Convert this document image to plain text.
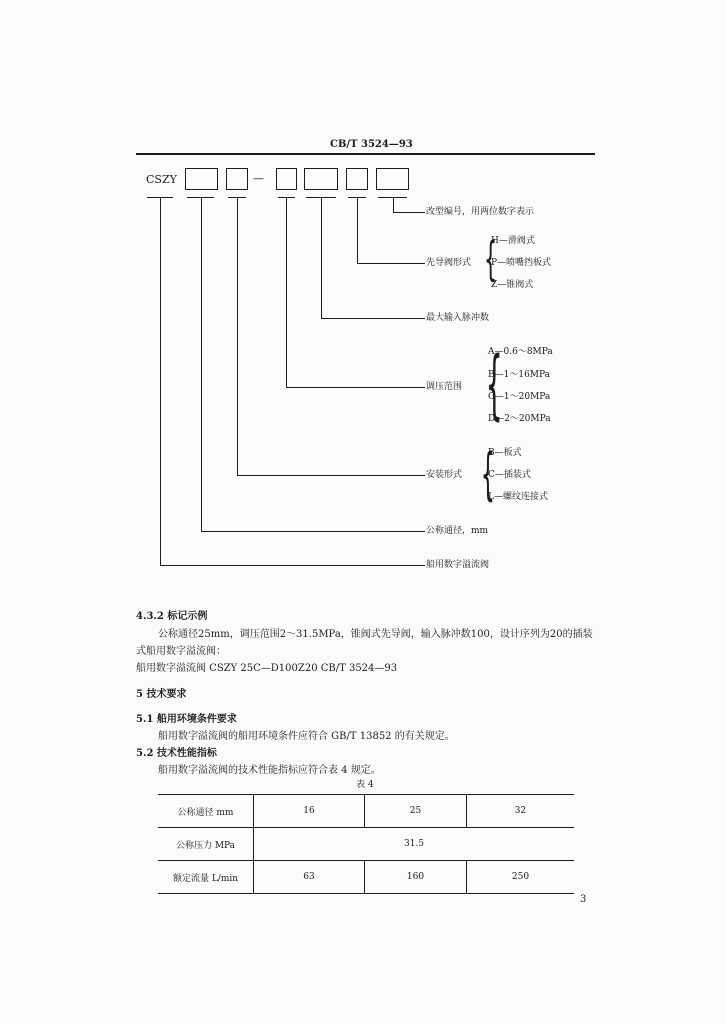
CB/T 3524—93
CSZY	—
改型编号，用两位数字表示
先导阀形式 {
H—滑阀式
P—喷嘴挡板式
Z—锥阀式
最大输入脉冲数
调压范围 {
A—0.6～8MPa
B—1～16MPa
C—1～20MPa
D—2～20MPa
安装形式 {
B—板式
C—插装式
L—螺纹连接式
公称通径，mm
船用数字溢流阀
4.3.2 标记示例
公称通径25mm，调压范围2～31.5MPa，锥阀式先导阀，输入脉冲数100，设计序列为20的插装
式船用数字溢流阀：
船用数字溢流阀 CSZY 25C—D100Z20 CB/T 3524—93
5 技术要求
5.1 船用环境条件要求
船用数字溢流阀的船用环境条件应符合 GB/T 13852 的有关规定。
5.2 技术性能指标
船用数字溢流阀的技术性能指标应符合表 4 规定。
表 4
公称通径 mm	16	25	32
公称压力 MPa	31.5		
额定流量 L/min	63	160	250
3
